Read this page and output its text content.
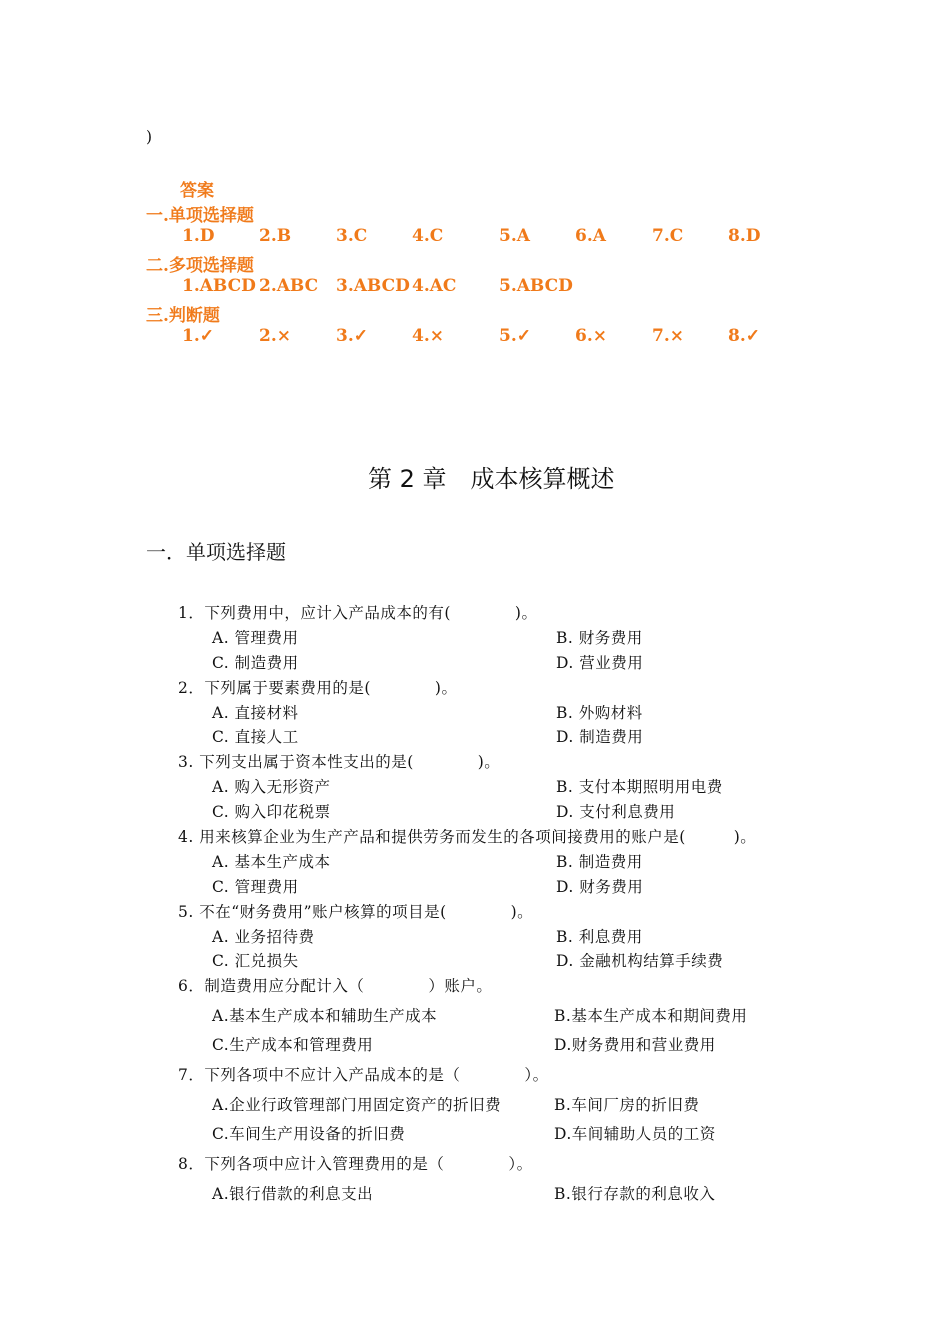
)
答案
一.单项选择题
1.D	2.B	3.C	4.C	5.A	6.A	7.C	8.D
二.多项选择题
1.ABCD 2.ABC 3.ABCD 4.AC	5.ABCD
三.判断题
1.✓	2.×	3.✓	4.×	5.✓	6.×	7.×	8.✓
第 2 章　成本核算概述
一．单项选择题
1．下列费用中，应计入产品成本的有(　　　　)。
A. 管理费用	B. 财务费用
C. 制造费用	D. 营业费用
2．下列属于要素费用的是(　　　　)。
A. 直接材料	B. 外购材料
C. 直接人工	D. 制造费用
3. 下列支出属于资本性支出的是(　　　　)。
A. 购入无形资产	B. 支付本期照明用电费
C. 购入印花税票	D. 支付利息费用
4. 用来核算企业为生产产品和提供劳务而发生的各项间接费用的账户是(　　　)。
A. 基本生产成本	B. 制造费用
C. 管理费用	D. 财务费用
5. 不在“财务费用”账户核算的项目是(　　　　)。
A. 业务招待费	B. 利息费用
C. 汇兑损失	D. 金融机构结算手续费
6．制造费用应分配计入（　　　　）账户。
A.基本生产成本和辅助生产成本	B.基本生产成本和期间费用
C.生产成本和管理费用	D.财务费用和营业费用
7．下列各项中不应计入产品成本的是（　　　　）。
A.企业行政管理部门用固定资产的折旧费	B.车间厂房的折旧费
C.车间生产用设备的折旧费	D.车间辅助人员的工资
8．下列各项中应计入管理费用的是（　　　　）。
A.银行借款的利息支出	B.银行存款的利息收入
